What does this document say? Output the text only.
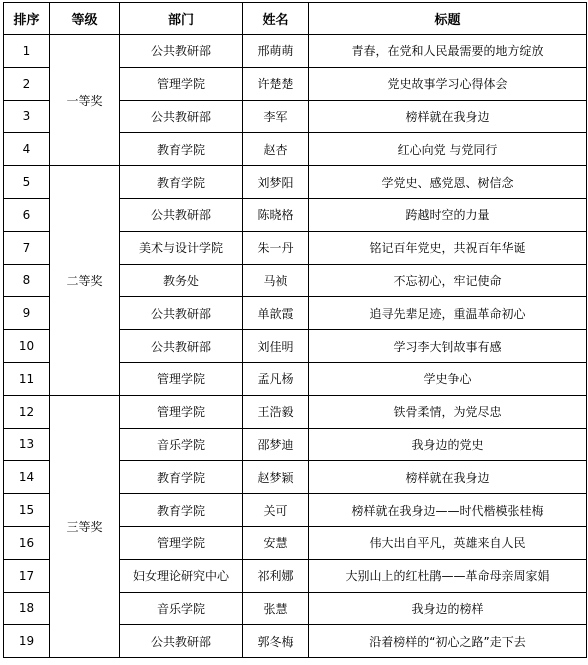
排序	等级	部门	姓名	标题
1	一等奖	公共教研部	邢萌萌	青春，在党和人民最需要的地方绽放
2		管理学院	许楚楚	党史故事学习心得体会
3		公共教研部	李军	榜样就在我身边
4		教育学院	赵杏	红心向党 与党同行
5	二等奖	教育学院	刘梦阳	学党史、感党恩、树信念
6		公共教研部	陈晓格	跨越时空的力量
7		美术与设计学院	朱一丹	铭记百年党史，共祝百年华诞
8		教务处	马祯	不忘初心，牢记使命
9		公共教研部	单歆霞	追寻先辈足迹，重温革命初心
10		公共教研部	刘佳明	学习李大钊故事有感
11		管理学院	孟凡杨	学史争心
12	三等奖	管理学院	王浩毅	铁骨柔情，为党尽忠
13		音乐学院	邵梦迪	我身边的党史
14		教育学院	赵梦颖	榜样就在我身边
15		教育学院	关可	榜样就在我身边——时代楷模张桂梅
16		管理学院	安慧	伟大出自平凡，英雄来自人民
17		妇女理论研究中心	祁利娜	大别山上的红杜鹃——革命母亲周家娟
18		音乐学院	张慧	我身边的榜样
19		公共教研部	郭冬梅	沿着榜样的“初心之路”走下去
